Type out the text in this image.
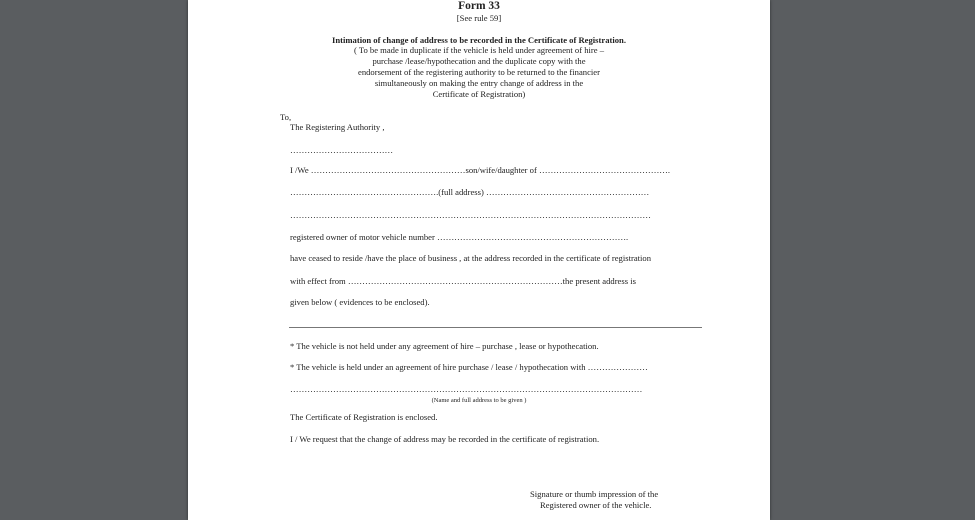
Form 33
[See rule 59]
Intimation of change of address to be recorded in the Certificate of Registration.
( To be made in duplicate if the vehicle is held under agreement of hire –
purchase /lease/hypothecation and the duplicate copy with the
endorsement of the registering authority to be returned to the financier
simultaneously on making the entry change of address in the
Certificate of Registration)
To,
The Registering Authority ,
………………………………
I /We ………………………………………………son/wife/daughter of ……………………………………….
…………………………………………….(full address) …………………………………………………
………………………………………………………………………………………………………………
registered owner of motor vehicle number ………………………………………………………….
have ceased to reside /have the place of business , at the address recorded in the certificate of registration
with effect from …………………………………………………………………the present address is
given below ( evidences to be enclosed).
* The vehicle is not held under any agreement of hire – purchase , lease or hypothecation.
* The vehicle is held under an agreement of hire purchase / lease / hypothecation with …………………
……………………………………………………………………………………………………………
(Name and full address to be given )
The Certificate of Registration is enclosed.
I / We request that the change of address may be recorded in the certificate of registration.
Signature or thumb impression of the
Registered owner of the vehicle.
